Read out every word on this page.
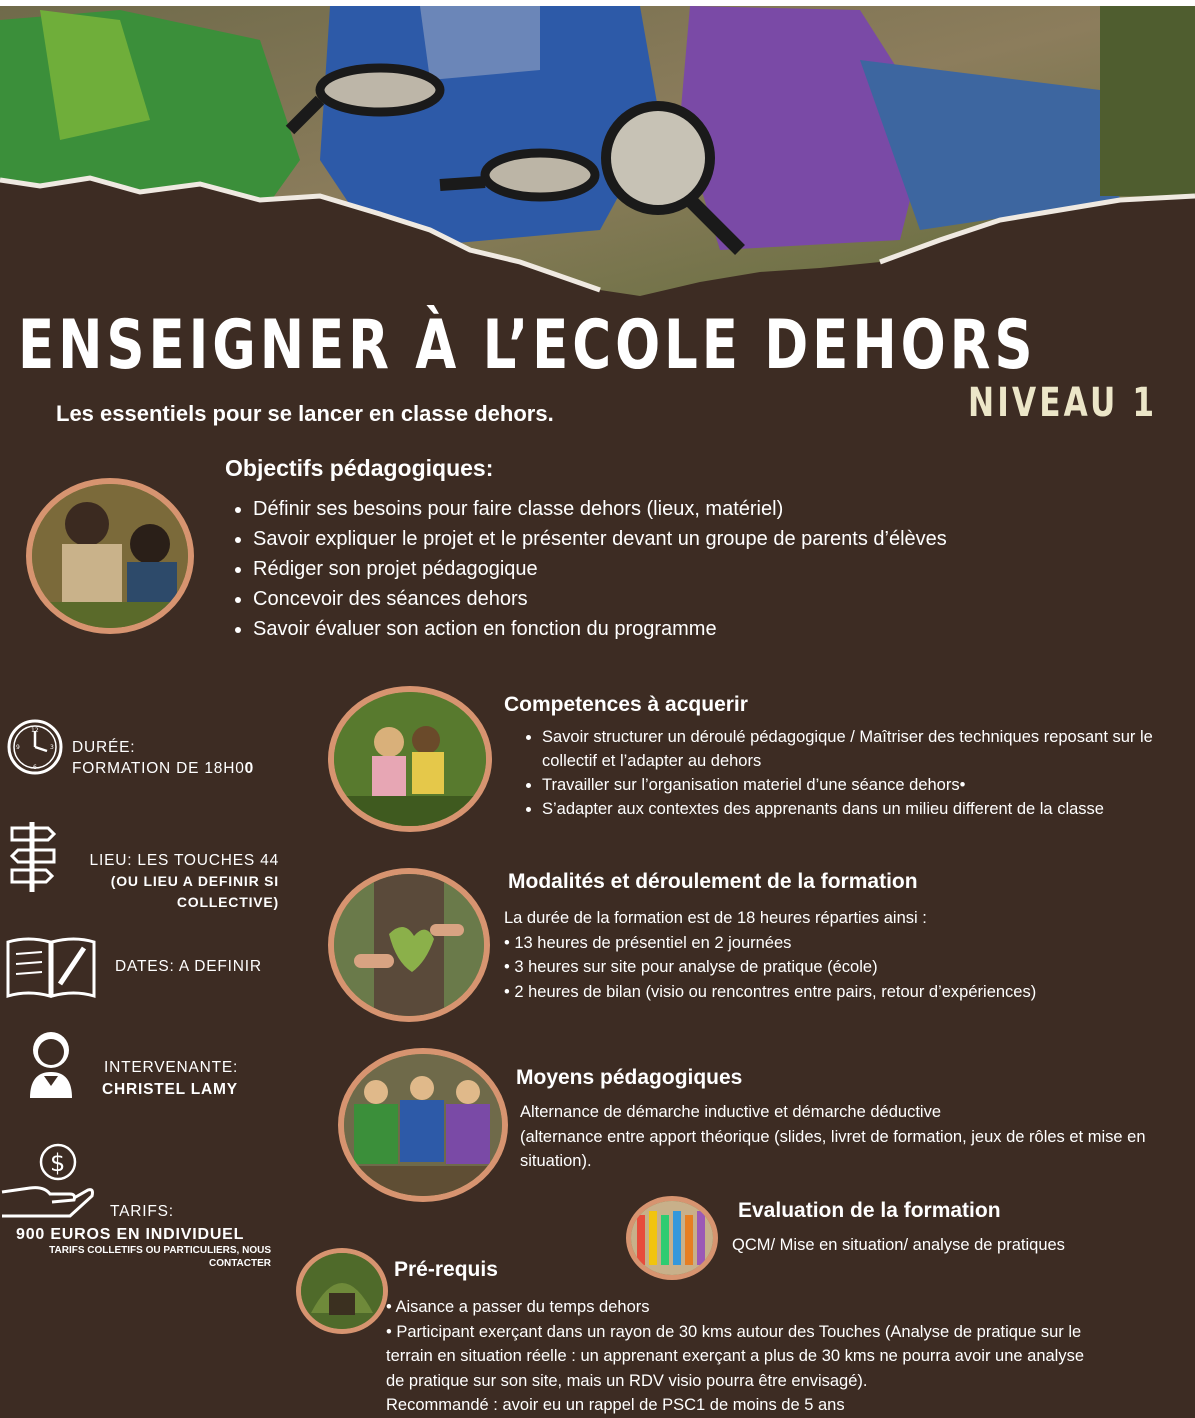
ENSEIGNER À L’ECOLE DEHORS
NIVEAU 1
Les essentiels pour se lancer en classe dehors.
Objectifs pédagogiques:
• Définir ses besoins pour faire classe dehors (lieux, matériel)
• Savoir expliquer le projet et le présenter devant un groupe de parents d’élèves
• Rédiger son projet pédagogique
• Concevoir des séances dehors
• Savoir évaluer son action en fonction du programme
12
3
6
9	DURÉE:
FORMATION DE 18H00
LIEU: LES TOUCHES 44
(OU LIEU A DEFINIR SI
COLLECTIVE)
DATES: A DEFINIR
INTERVENANTE:
CHRISTEL LAMY
$
TARIFS:
900 EUROS EN INDIVIDUEL
TARIFS COLLETIFS OU PARTICULIERS, NOUS
CONTACTER
Competences à acquerir
• Savoir structurer un déroulé pédagogique / Maîtriser des techniques reposant sur le collectif et l’adapter au dehors
• Travailler sur l’organisation materiel d’une séance dehors•
• S’adapter aux contextes des apprenants dans un milieu different de la classe
Modalités et déroulement de la formation
La durée de la formation est de 18 heures réparties ainsi :
• 13 heures de présentiel en 2 journées
• 3 heures sur site pour analyse de pratique (école)
• 2 heures de bilan (visio ou rencontres entre pairs, retour d’expériences)
Moyens pédagogiques
Alternance de démarche inductive et démarche déductive
(alternance entre apport théorique (slides, livret de formation, jeux de rôles et mise en situation).
Evaluation de la formation
QCM/ Mise en situation/ analyse de pratiques
Pré-requis
• Aisance a passer du temps dehors
• Participant exerçant dans un rayon de 30 kms autour des Touches (Analyse de pratique sur le terrain en situation réelle : un apprenant exerçant a plus de 30 kms ne pourra avoir une analyse de pratique sur son site, mais un RDV visio pourra être envisagé).
Recommandé : avoir eu un rappel de PSC1 de moins de 5 ans
